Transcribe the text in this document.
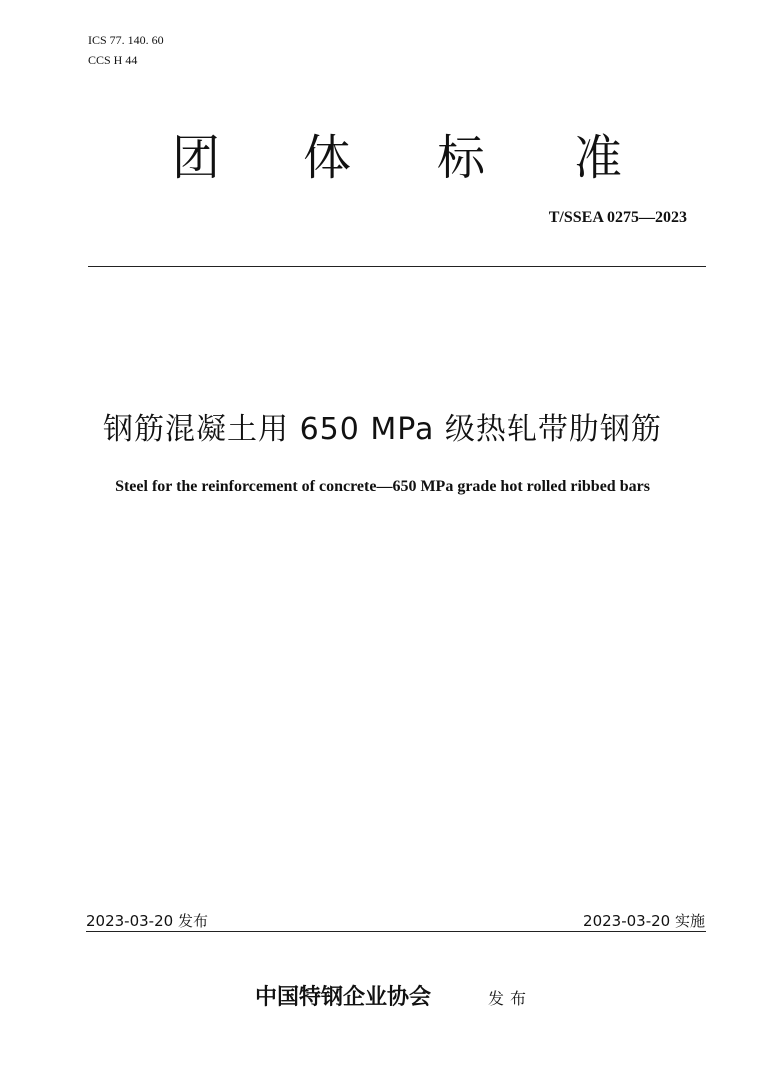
ICS 77. 140. 60
CCS H 44
团 体 标 准
T/SSEA 0275—2023
钢筋混凝土用 650 MPa 级热轧带肋钢筋
Steel for the reinforcement of concrete—650 MPa grade hot rolled ribbed bars
2023-03-20 发布	2023-03-20 实施
中国特钢企业协会	发布
